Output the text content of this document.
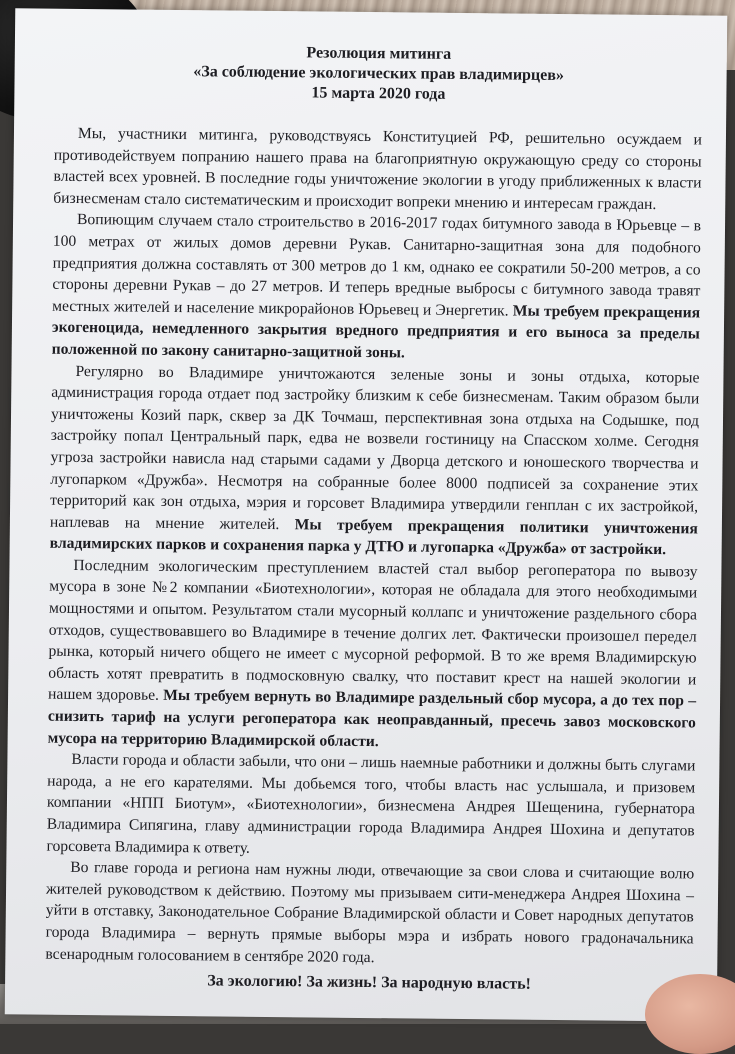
Резолюция митинга
«За соблюдение экологических прав владимирцев»
15 марта 2020 года

Мы, участники митинга, руководствуясь Конституцией РФ, решительно осуждаем и противодействуем попранию нашего права на благоприятную окружающую среду со стороны властей всех уровней. В последние годы уничтожение экологии в угоду приближенных к власти бизнесменам стало систематическим и происходит вопреки мнению и интересам граждан.

Вопиющим случаем стало строительство в 2016-2017 годах битумного завода в Юрьевце – в 100 метрах от жилых домов деревни Рукав. Санитарно-защитная зона для подобного предприятия должна составлять от 300 метров до 1 км, однако ее сократили 50-200 метров, а со стороны деревни Рукав – до 27 метров. И теперь вредные выбросы с битумного завода травят местных жителей и население микрорайонов Юрьевец и Энергетик. Мы требуем прекращения экогеноцида, немедленного закрытия вредного предприятия и его выноса за пределы положенной по закону санитарно-защитной зоны.

Регулярно во Владимире уничтожаются зеленые зоны и зоны отдыха, которые администрация города отдает под застройку близким к себе бизнесменам. Таким образом были уничтожены Козий парк, сквер за ДК Точмаш, перспективная зона отдыха на Содышке, под застройку попал Центральный парк, едва не возвели гостиницу на Спасском холме. Сегодня угроза застройки нависла над старыми садами у Дворца детского и юношеского творчества и лугопарком «Дружба». Несмотря на собранные более 8000 подписей за сохранение этих территорий как зон отдыха, мэрия и горсовет Владимира утвердили генплан с их застройкой, наплевав на мнение жителей. Мы требуем прекращения политики уничтожения владимирских парков и сохранения парка у ДТЮ и лугопарка «Дружба» от застройки.

Последним экологическим преступлением властей стал выбор регоператора по вывозу мусора в зоне №2 компании «Биотехнологии», которая не обладала для этого необходимыми мощностями и опытом. Результатом стали мусорный коллапс и уничтожение раздельного сбора отходов, существовавшего во Владимире в течение долгих лет. Фактически произошел передел рынка, который ничего общего не имеет с мусорной реформой. В то же время Владимирскую область хотят превратить в подмосковную свалку, что поставит крест на нашей экологии и нашем здоровье. Мы требуем вернуть во Владимире раздельный сбор мусора, а до тех пор – снизить тариф на услуги регоператора как неоправданный, пресечь завоз московского мусора на территорию Владимирской области.

Власти города и области забыли, что они – лишь наемные работники и должны быть слугами народа, а не его карателями. Мы добьемся того, чтобы власть нас услышала, и призовем компании «НПП Биотум», «Биотехнологии», бизнесмена Андрея Шещенина, губернатора Владимира Сипягина, главу администрации города Владимира Андрея Шохина и депутатов горсовета Владимира к ответу.

Во главе города и региона нам нужны люди, отвечающие за свои слова и считающие волю жителей руководством к действию. Поэтому мы призываем сити-менеджера Андрея Шохина – уйти в отставку, Законодательное Собрание Владимирской области и Совет народных депутатов города Владимира – вернуть прямые выборы мэра и избрать нового градоначальника всенародным голосованием в сентябре 2020 года.

За экологию! За жизнь! За народную власть!
